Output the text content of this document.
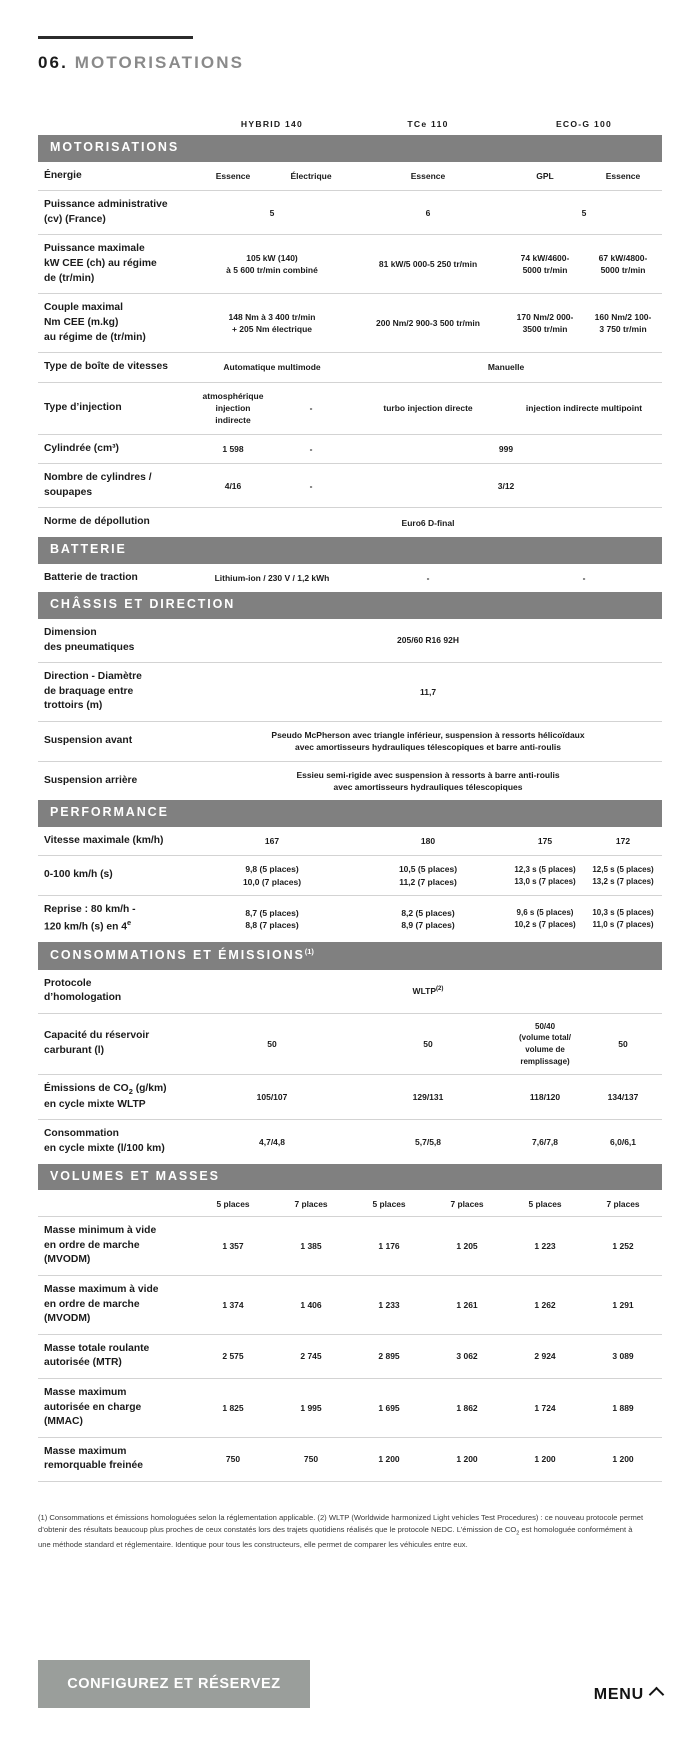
06. MOTORISATIONS
	HYBRID 140		TCe 110		ECO-G 100	
MOTORISATIONS						
Énergie	Essence	Électrique	Essence		GPL	Essence
Puissance administrative
(cv) (France)	5		6		5	
Puissance maximale
kW CEE (ch) au régime
de (tr/min)	105 kW (140)
à 5 600 tr/min combiné		81 kW/5 000-5 250 tr/min		74 kW/4600-
5000 tr/min	67 kW/4800-
5000 tr/min
Couple maximal
Nm CEE (m.kg)
au régime de (tr/min)	148 Nm à 3 400 tr/min
+ 205 Nm électrique		200 Nm/2 900-3 500 tr/min		170 Nm/2 000-
3500 tr/min	160 Nm/2 100-
3 750 tr/min
Type de boîte de vitesses	Automatique multimode		Manuelle			
Type d’injection	atmosphérique
injection
indirecte	-	turbo injection directe		injection indirecte multipoint	
Cylindrée (cm³)	1 598	-	999			
Nombre de cylindres /
soupapes	4/16	-	3/12			
Norme de dépollution	Euro6 D-final					
BATTERIE						
Batterie de traction	Lithium-ion / 230 V / 1,2 kWh		-		-	
CHÂSSIS ET DIRECTION						
Dimension
des pneumatiques	205/60 R16 92H					
Direction - Diamètre
de braquage entre
trottoirs (m)	11,7					
Suspension avant	Pseudo McPherson avec triangle inférieur, suspension à ressorts hélicoïdaux
avec amortisseurs hydrauliques télescopiques et barre anti-roulis					
Suspension arrière	Essieu semi-rigide avec suspension à ressorts à barre anti-roulis
avec amortisseurs hydrauliques télescopiques					
PERFORMANCE						
Vitesse maximale (km/h)	167		180		175	172
0-100 km/h (s)	9,8 (5 places)
10,0 (7 places)		10,5 (5 places)
11,2 (7 places)		12,3 s (5 places)
13,0 s (7 places)	12,5 s (5 places)
13,2 s (7 places)
Reprise : 80 km/h -
120 km/h (s) en 4e	8,7 (5 places)
8,8 (7 places)		8,2 (5 places)
8,9 (7 places)		9,6 s (5 places)
10,2 s (7 places)	10,3 s (5 places)
11,0 s (7 places)
CONSOMMATIONS ET ÉMISSIONS$^{(1)}$
Protocole
d’homologation	WLTP$^{(2)}$
Capacité du réservoir
carburant (l)	50		50		50/40
(volume total/
volume de
remplissage)	50
Émissions de $CO_2$ (g/km)
en cycle mixte WLTP	105/107		129/131		118/120	134/137
Consommation
en cycle mixte (l/100 km)	4,7/4,8		5,7/5,8		7,6/7,8	6,0/6,1
VOLUMES ET MASSES						
	5 places	7 places	5 places	7 places	5 places	7 places
Masse minimum à vide
en ordre de marche
(MVODM)	1 357	1 385	1 176	1 205	1 223	1 252
Masse maximum à vide
en ordre de marche
(MVODM)	1 374	1 406	1 233	1 261	1 262	1 291
Masse totale roulante
autorisée (MTR)	2 575	2 745	2 895	3 062	2 924	3 089
Masse maximum
autorisée en charge
(MMAC)	1 825	1 995	1 695	1 862	1 724	1 889
Masse maximum
remorquable freinée	750	750	1 200	1 200	1 200	1 200
(1) Consommations et émissions homologuées selon la réglementation applicable. (2) WLTP (Worldwide harmonized Light vehicles Test Procedures) : ce nouveau protocole permet d’obtenir des résultats beaucoup plus proches de ceux constatés lors des trajets quotidiens réalisés que le protocole NEDC. L’émission de $CO_2$ est homologuée conformément à une méthode standard et réglementaire. Identique pour tous les constructeurs, elle permet de comparer les véhicules entre eux.
CONFIGUREZ ET RÉSERVEZ
MENU
